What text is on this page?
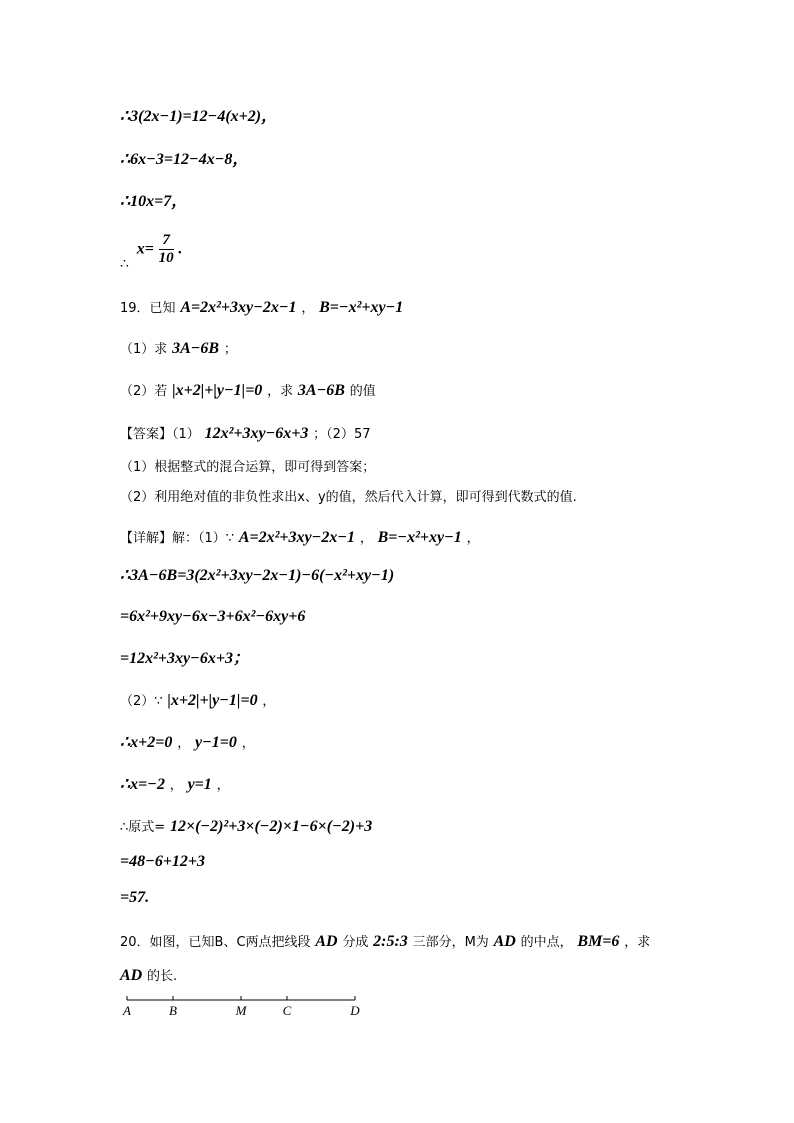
∴3(2x−1)=12−4(x+2)，
∴6x−3=12−4x−8，
∴10x=7，
∴ $x= \frac{7}{10}$ .
19．已知 A=2x²+3xy−2x−1 ， B=−x²+xy−1
（1）求 3A−6B ；
（2）若 |x+2|+|y−1|=0 ，求 3A−6B 的值
【答案】（1） 12x²+3xy−6x+3 ；（2）57
（1）根据整式的混合运算，即可得到答案；
（2）利用绝对值的非负性求出x、y的值，然后代入计算，即可得到代数式的值.
【详解】解：（1）∵ A=2x²+3xy−2x−1 ， B=−x²+xy−1 ，
∴3A−6B=3(2x²+3xy−2x−1)−6(−x²+xy−1)
=6x²+9xy−6x−3+6x²−6xy+6
=12x²+3xy−6x+3；
（2）∵ |x+2|+|y−1|=0 ，
∴x+2=0 ， y−1=0 ，
∴x=−2 ， y=1 ，
∴原式= 12×(−2)²+3×(−2)×1−6×(−2)+3
=48−6+12+3
=57.
20．如图，已知B、C两点把线段 AD 分成 2:5:3 三部分，M为 AD 的中点， BM=6 ，求
AD 的长.
A	B	M	C	D
